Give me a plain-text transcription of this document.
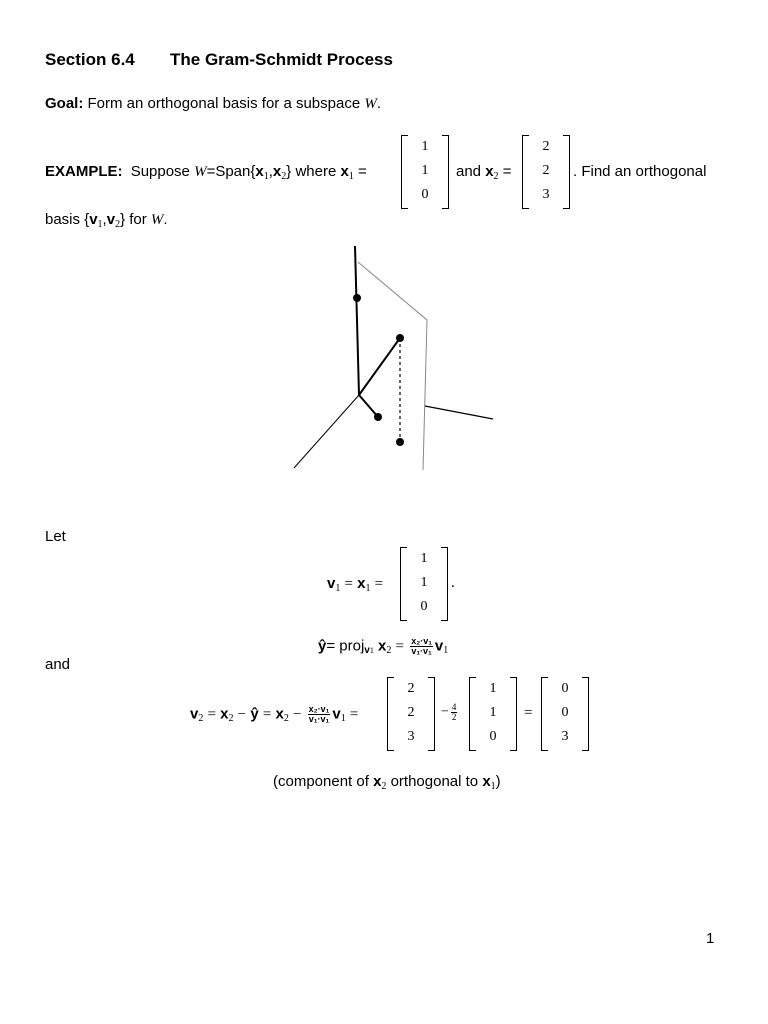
Section 6.4 The Gram-Schmidt Process
Goal: Form an orthogonal basis for a subspace W.
EXAMPLE: Suppose $W=Span\{x_1,x_2\}$ where $x_1$ =
1
1
0
and $x_2$ =
2
2
3
. Find an orthogonal
basis $\{v_1,v_2\}$ for W.
Let
$v_1 = x_1$ =
1
1
0
.
ŷ= proj$_{v1}$ $x_2 = \frac{\text{x₂·v₁}}{\text{v₁·v₁}} v_1$
and
$v_2 = x_2$ − ŷ = $x_2 - \frac{\text{x₂·v₁}}{\text{v₁·v₁}} v_1$ =
2
2
3
− $\frac{4}{2}$
1
1
0
=
0
0
3
(component of $x_2$ orthogonal to $x_1$)
1
